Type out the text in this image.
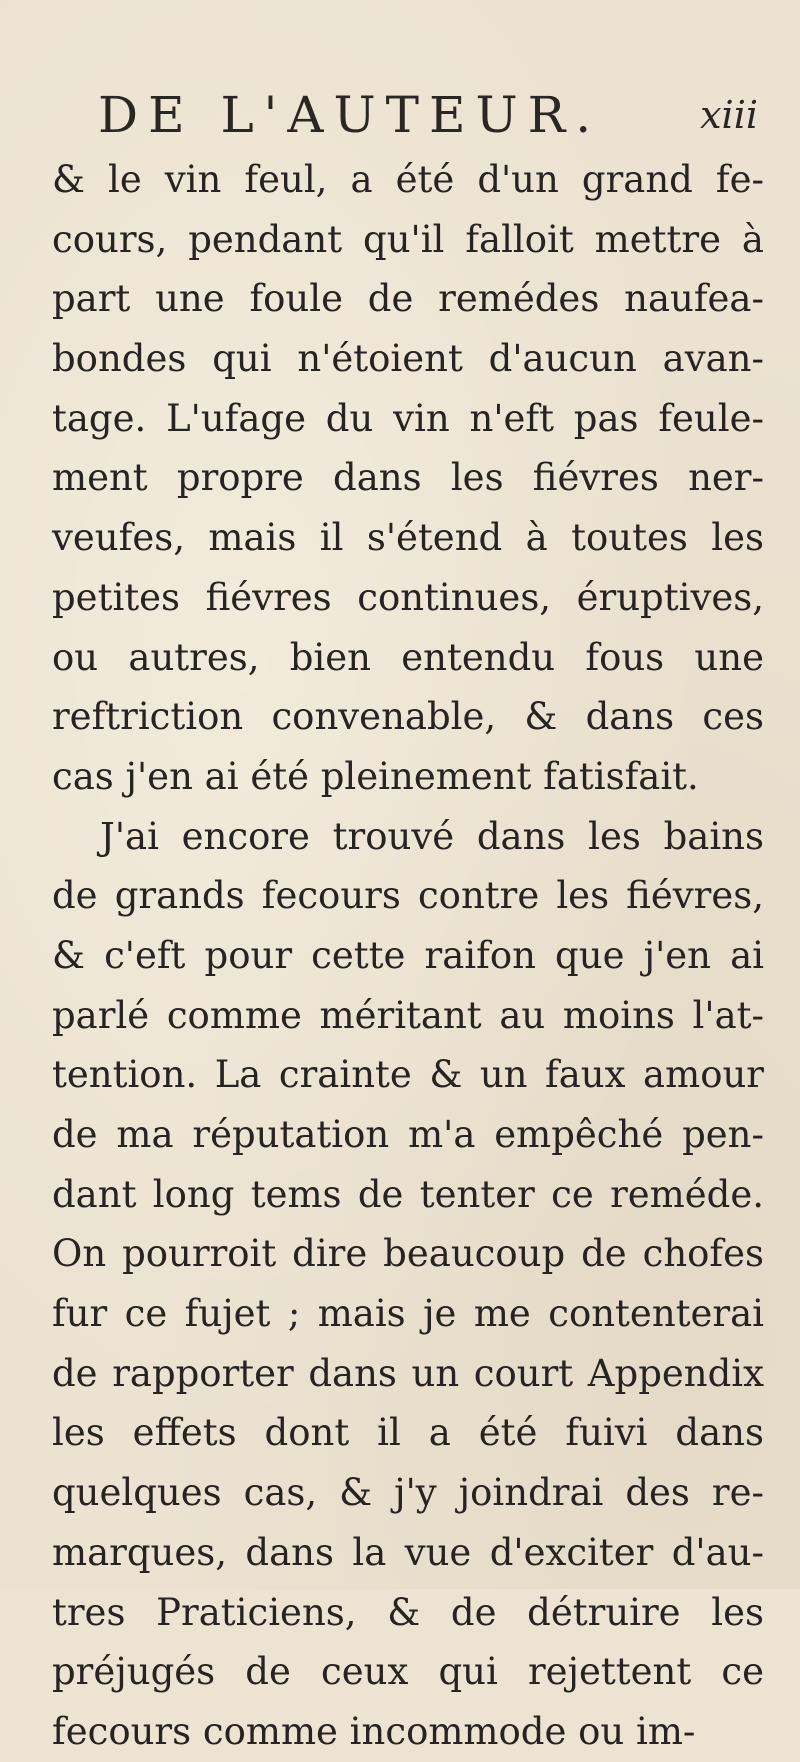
DE L'AUTEUR.	xiii
& le vin feul, a été d'un grand fe-
cours, pendant qu'il falloit mettre à
part une foule de remédes naufea-
bondes qui n'étoient d'aucun avan-
tage. L'ufage du vin n'eft pas feule-
ment propre dans les fiévres ner-
veufes, mais il s'étend à toutes les
petites fiévres continues, éruptives,
ou autres, bien entendu fous une
reftriction convenable, & dans ces
cas j'en ai été pleinement fatisfait.
J'ai encore trouvé dans les bains
de grands fecours contre les fiévres,
& c'eft pour cette raifon que j'en ai
parlé comme méritant au moins l'at-
tention. La crainte & un faux amour
de ma réputation m'a empêché pen-
dant long tems de tenter ce reméde.
On pourroit dire beaucoup de chofes
fur ce fujet ; mais je me contenterai
de rapporter dans un court Appendix
les effets dont il a été fuivi dans
quelques cas, & j'y joindrai des re-
marques, dans la vue d'exciter d'au-
tres Praticiens, & de détruire les
préjugés de ceux qui rejettent ce
fecours comme incommode ou im-
